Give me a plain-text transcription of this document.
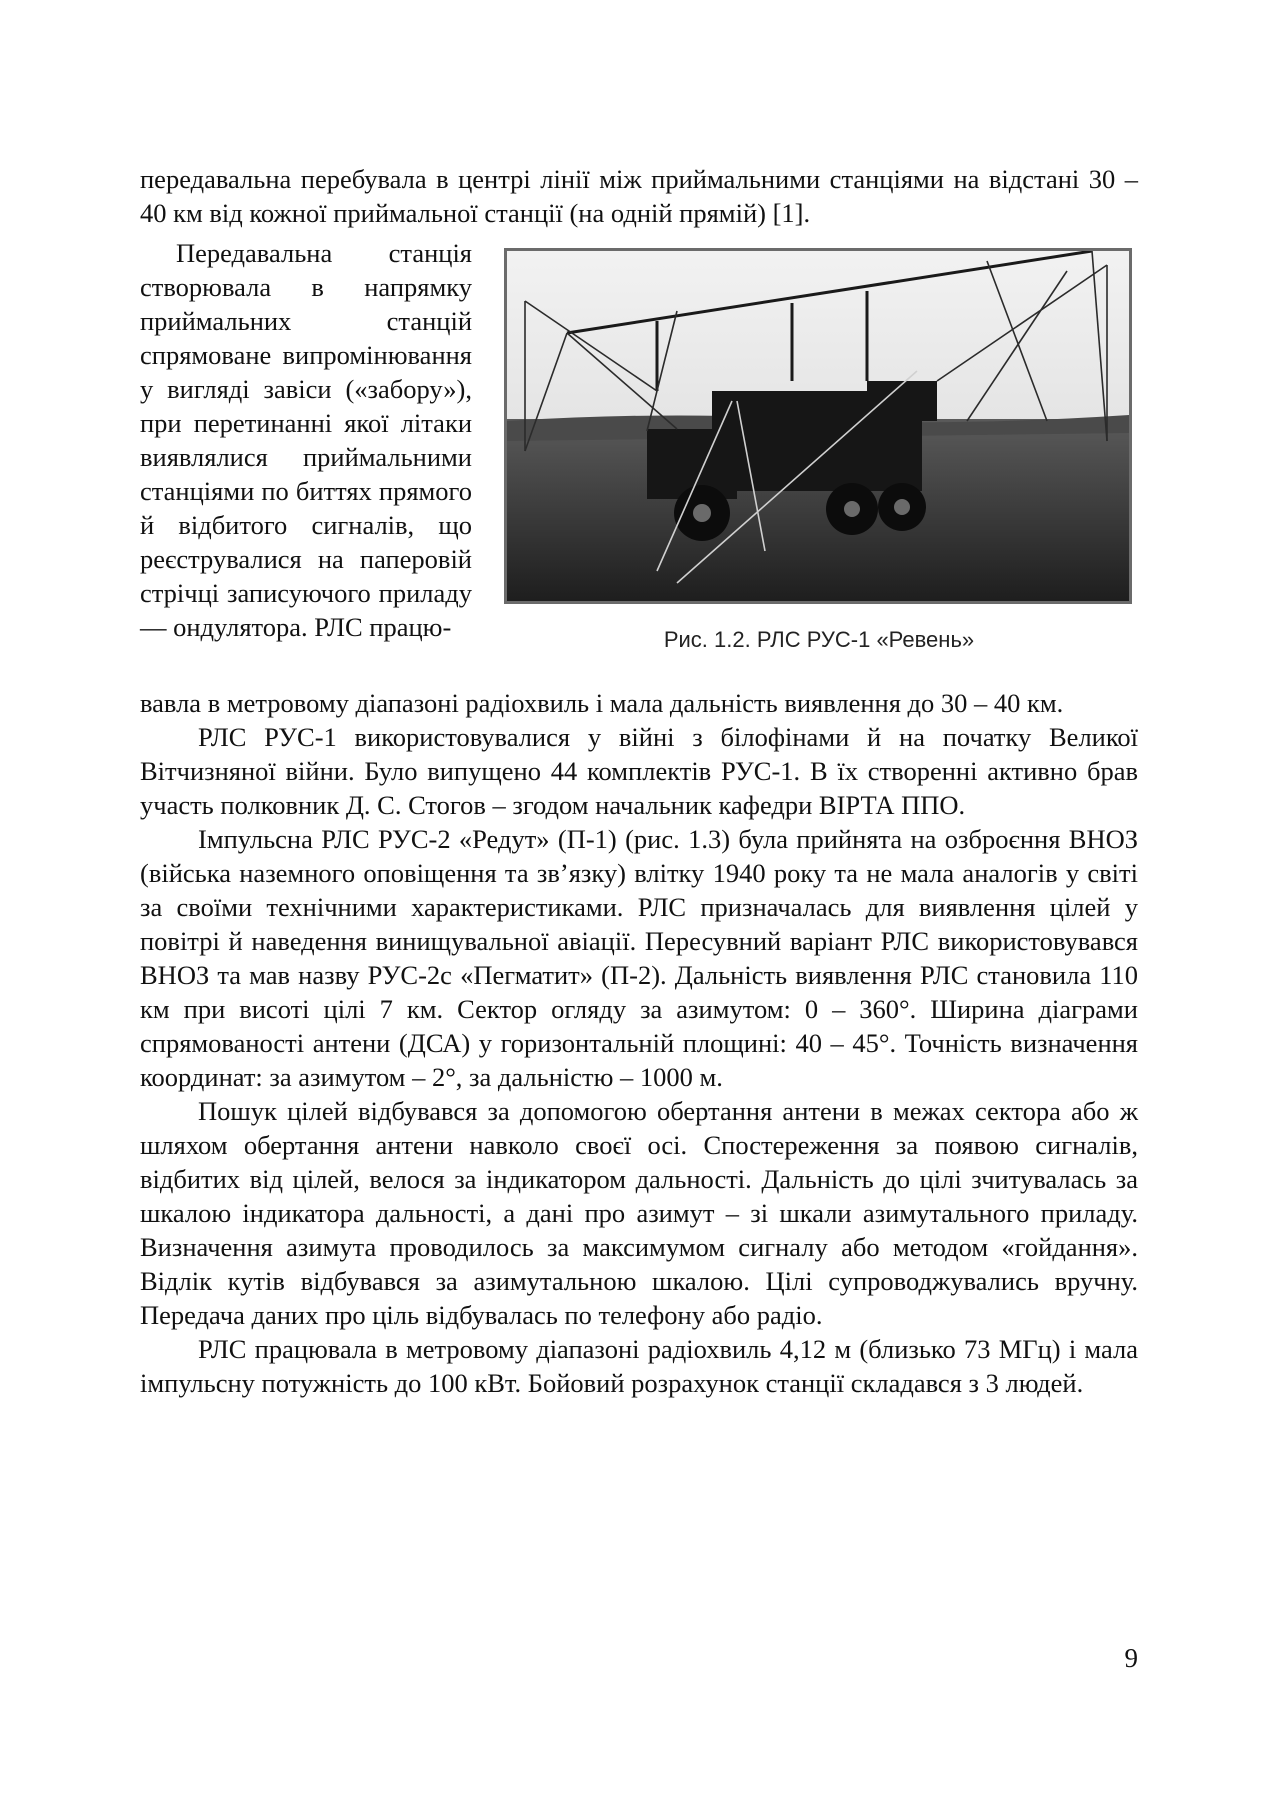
передавальна перебувала в центрі лінії між приймальними станціями на відстані 30 – 40 км від кожної приймальної станції (на одній прямій) [1].

Передавальна станція створювала в напрямку приймальних станцій спрямоване випромінювання у вигляді завіси («забору»), при перетинанні якої літаки виявлялися приймальними станціями по биттях прямого й відбитого сигналів, що реєструвалися на паперовій стрічці записуючого приладу — ондулятора. РЛС працю-	Рис. 1.2. РЛС РУС-1 «Ревень»

вавла в метровому діапазоні радіохвиль і мала дальність виявлення до 30 – 40 км.

РЛС РУС-1 використовувалися у війні з білофінами й на початку Великої Вітчизняної війни. Було випущено 44 комплектів РУС-1. В їх створенні активно брав участь полковник Д. С. Стогов – згодом начальник кафедри ВІРТА ППО.

Імпульсна РЛС РУС-2 «Редут» (П-1) (рис. 1.3) була прийнята на озброєння ВНОЗ (війська наземного оповіщення та зв’язку) влітку 1940 року та не мала аналогів у світі за своїми технічними характеристиками. РЛС призначалась для виявлення цілей у повітрі й наведення винищувальної авіації. Пересувний варіант РЛС використовувався ВНОЗ та мав назву РУС-2с «Пегматит» (П-2). Дальність виявлення РЛС становила 110 км при висоті цілі 7 км. Сектор огляду за азимутом: 0 – 360°. Ширина діаграми спрямованості антени (ДСА) у горизонтальній площині: 40 – 45°. Точність визначення координат: за азимутом – 2°, за дальністю – 1000 м.

Пошук цілей відбувався за допомогою обертання антени в межах сектора або ж шляхом обертання антени навколо своєї осі. Спостереження за появою сигналів, відбитих від цілей, велося за індикатором дальності. Дальність до цілі зчитувалась за шкалою індикатора дальності, а дані про азимут – зі шкали азимутального приладу. Визначення азимута проводилось за максимумом сигналу або методом «гойдання». Відлік кутів відбувався за азимутальною шкалою. Цілі супроводжувались вручну. Передача даних про ціль відбувалась по телефону або радіо.

РЛС працювала в метровому діапазоні радіохвиль 4,12 м (близько 73 МГц) і мала імпульсну потужність до 100 кВт. Бойовий розрахунок станції складався з 3 людей.

9
